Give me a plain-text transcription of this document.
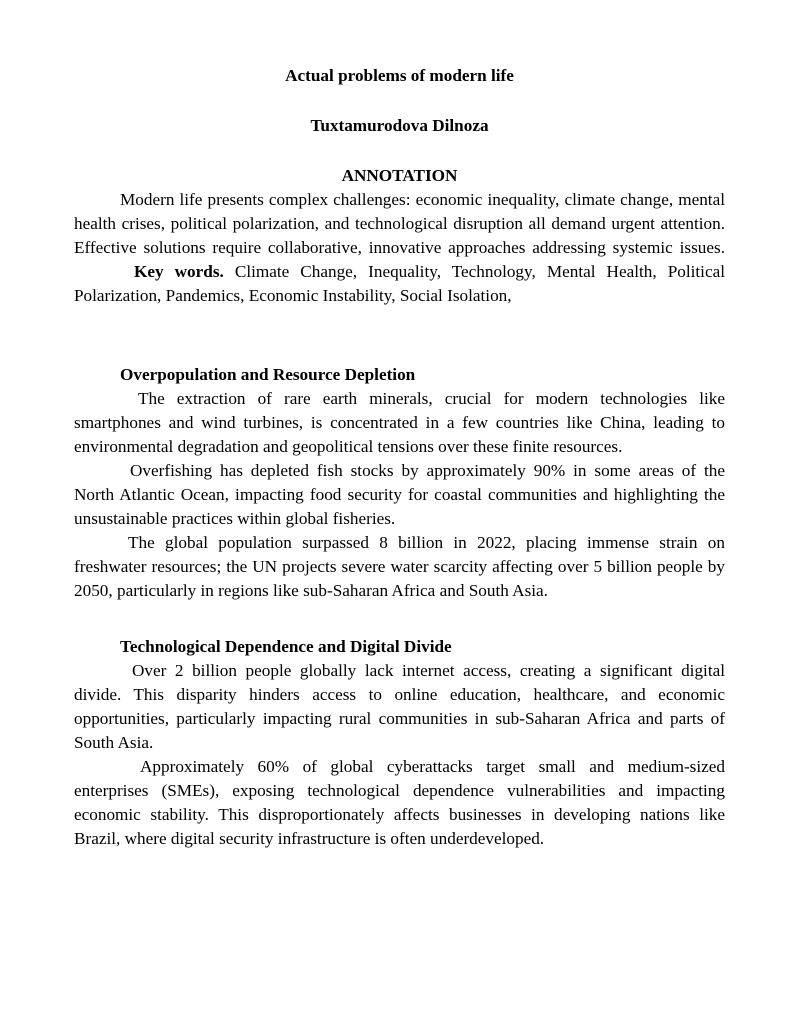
Actual problems of modern life

Tuxtamurodova Dilnoza

ANNOTATION

Modern life presents complex challenges: economic inequality, climate change, mental health crises, political polarization, and technological disruption all demand urgent attention. Effective solutions require collaborative, innovative approaches addressing systemic issues.

Key words. Climate Change, Inequality, Technology, Mental Health, Political Polarization, Pandemics, Economic Instability, Social Isolation,

Overpopulation and Resource Depletion

The extraction of rare earth minerals, crucial for modern technologies like smartphones and wind turbines, is concentrated in a few countries like China, leading to environmental degradation and geopolitical tensions over these finite resources.

Overfishing has depleted fish stocks by approximately 90% in some areas of the North Atlantic Ocean, impacting food security for coastal communities and highlighting the unsustainable practices within global fisheries.

The global population surpassed 8 billion in 2022, placing immense strain on freshwater resources; the UN projects severe water scarcity affecting over 5 billion people by 2050, particularly in regions like sub-Saharan Africa and South Asia.

Technological Dependence and Digital Divide

Over 2 billion people globally lack internet access, creating a significant digital divide. This disparity hinders access to online education, healthcare, and economic opportunities, particularly impacting rural communities in sub-Saharan Africa and parts of South Asia.

Approximately 60% of global cyberattacks target small and medium-sized enterprises (SMEs), exposing technological dependence vulnerabilities and impacting economic stability. This disproportionately affects businesses in developing nations like Brazil, where digital security infrastructure is often underdeveloped.
